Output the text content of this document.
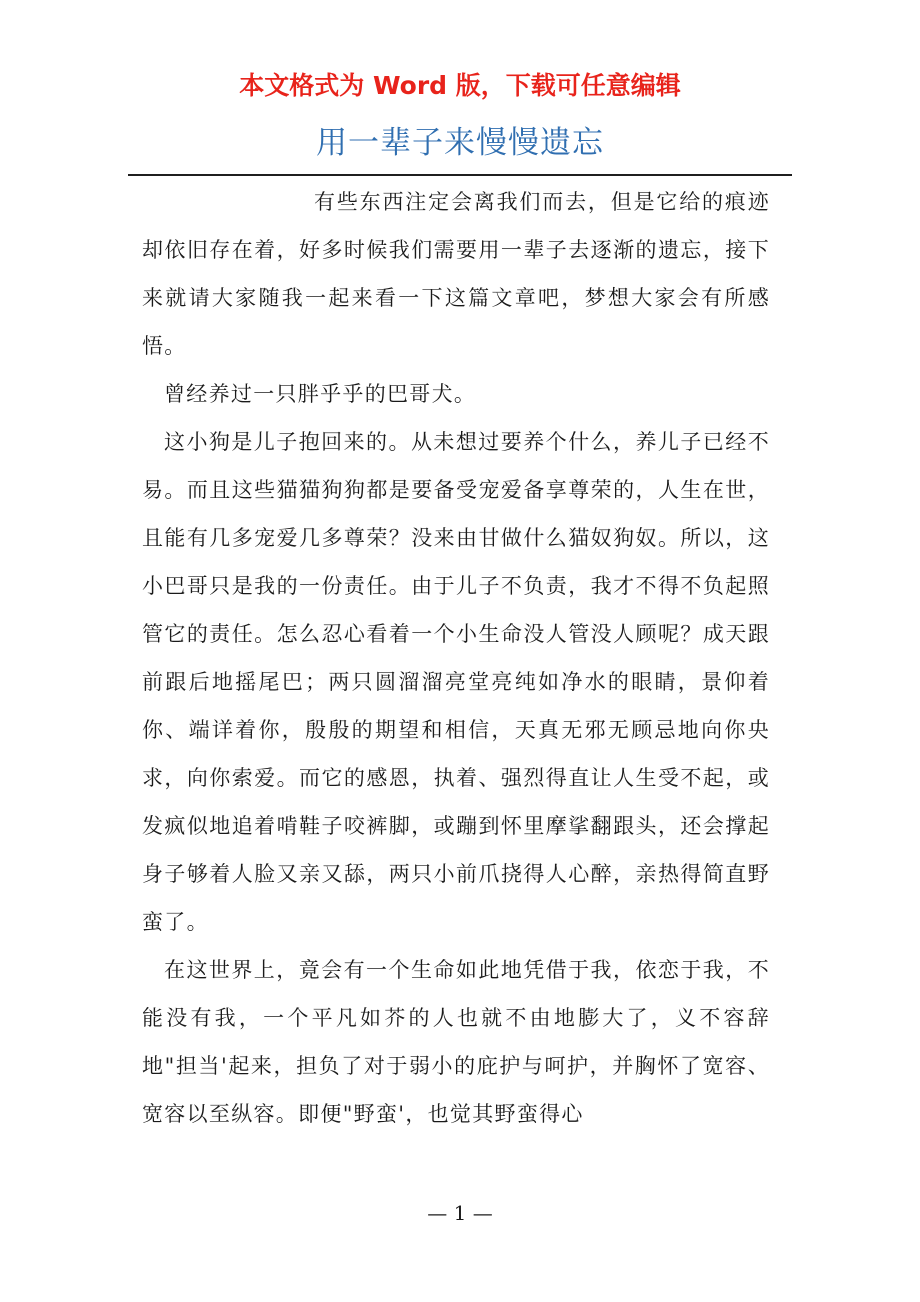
本文格式为 Word 版，下载可任意编辑
用一辈子来慢慢遗忘

有些东西注定会离我们而去，但是它给的痕迹却依旧存在着，好多时候我们需要用一辈子去逐渐的遗忘，接下来就请大家随我一起来看一下这篇文章吧，梦想大家会有所感悟。

曾经养过一只胖乎乎的巴哥犬。

这小狗是儿子抱回来的。从未想过要养个什么，养儿子已经不易。而且这些猫猫狗狗都是要备受宠爱备享尊荣的，人生在世，且能有几多宠爱几多尊荣？没来由甘做什么猫奴狗奴。所以，这小巴哥只是我的一份责任。由于儿子不负责，我才不得不负起照管它的责任。怎么忍心看着一个小生命没人管没人顾呢？成天跟前跟后地摇尾巴；两只圆溜溜亮堂亮纯如净水的眼睛，景仰着你、端详着你，殷殷的期望和相信，天真无邪无顾忌地向你央求，向你索爱。而它的感恩，执着、强烈得直让人生受不起，或发疯似地追着啃鞋子咬裤脚，或蹦到怀里摩挲翻跟头，还会撑起身子够着人脸又亲又舔，两只小前爪挠得人心醉，亲热得简直野蛮了。

在这世界上，竟会有一个生命如此地凭借于我，依恋于我，不能没有我，一个平凡如芥的人也就不由地膨大了，义不容辞地"担当'起来，担负了对于弱小的庇护与呵护，并胸怀了宽容、宽容以至纵容。即便"野蛮'，也觉其野蛮得心

— 1 —
